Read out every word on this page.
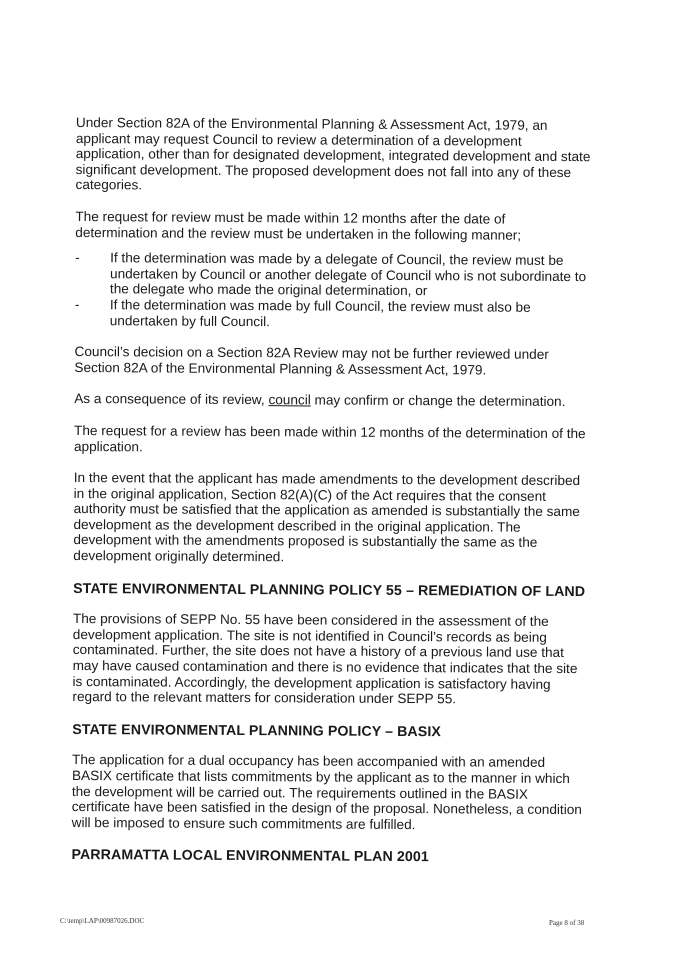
Under Section 82A of the Environmental Planning & Assessment Act, 1979, an applicant may request Council to review a determination of a development application, other than for designated development, integrated development and state significant development. The proposed development does not fall into any of these categories.

The request for review must be made within 12 months after the date of determination and the review must be undertaken in the following manner;

- If the determination was made by a delegate of Council, the review must be undertaken by Council or another delegate of Council who is not subordinate to the delegate who made the original determination, or
- If the determination was made by full Council, the review must also be undertaken by full Council.

Council’s decision on a Section 82A Review may not be further reviewed under Section 82A of the Environmental Planning & Assessment Act, 1979.

As a consequence of its review, council may confirm or change the determination.

The request for a review has been made within 12 months of the determination of the application.

In the event that the applicant has made amendments to the development described in the original application, Section 82(A)(C) of the Act requires that the consent authority must be satisfied that the application as amended is substantially the same development as the development described in the original application. The development with the amendments proposed is substantially the same as the development originally determined.

STATE ENVIRONMENTAL PLANNING POLICY 55 – REMEDIATION OF LAND

The provisions of SEPP No. 55 have been considered in the assessment of the development application. The site is not identified in Council’s records as being contaminated. Further, the site does not have a history of a previous land use that may have caused contamination and there is no evidence that indicates that the site is contaminated. Accordingly, the development application is satisfactory having regard to the relevant matters for consideration under SEPP 55.

STATE ENVIRONMENTAL PLANNING POLICY – BASIX

The application for a dual occupancy has been accompanied with an amended BASIX certificate that lists commitments by the applicant as to the manner in which the development will be carried out. The requirements outlined in the BASIX certificate have been satisfied in the design of the proposal. Nonetheless, a condition will be imposed to ensure such commitments are fulfilled.

PARRAMATTA LOCAL ENVIRONMENTAL PLAN 2001
C:\temp\LAP\00987026.DOC	Page 8 of 38
